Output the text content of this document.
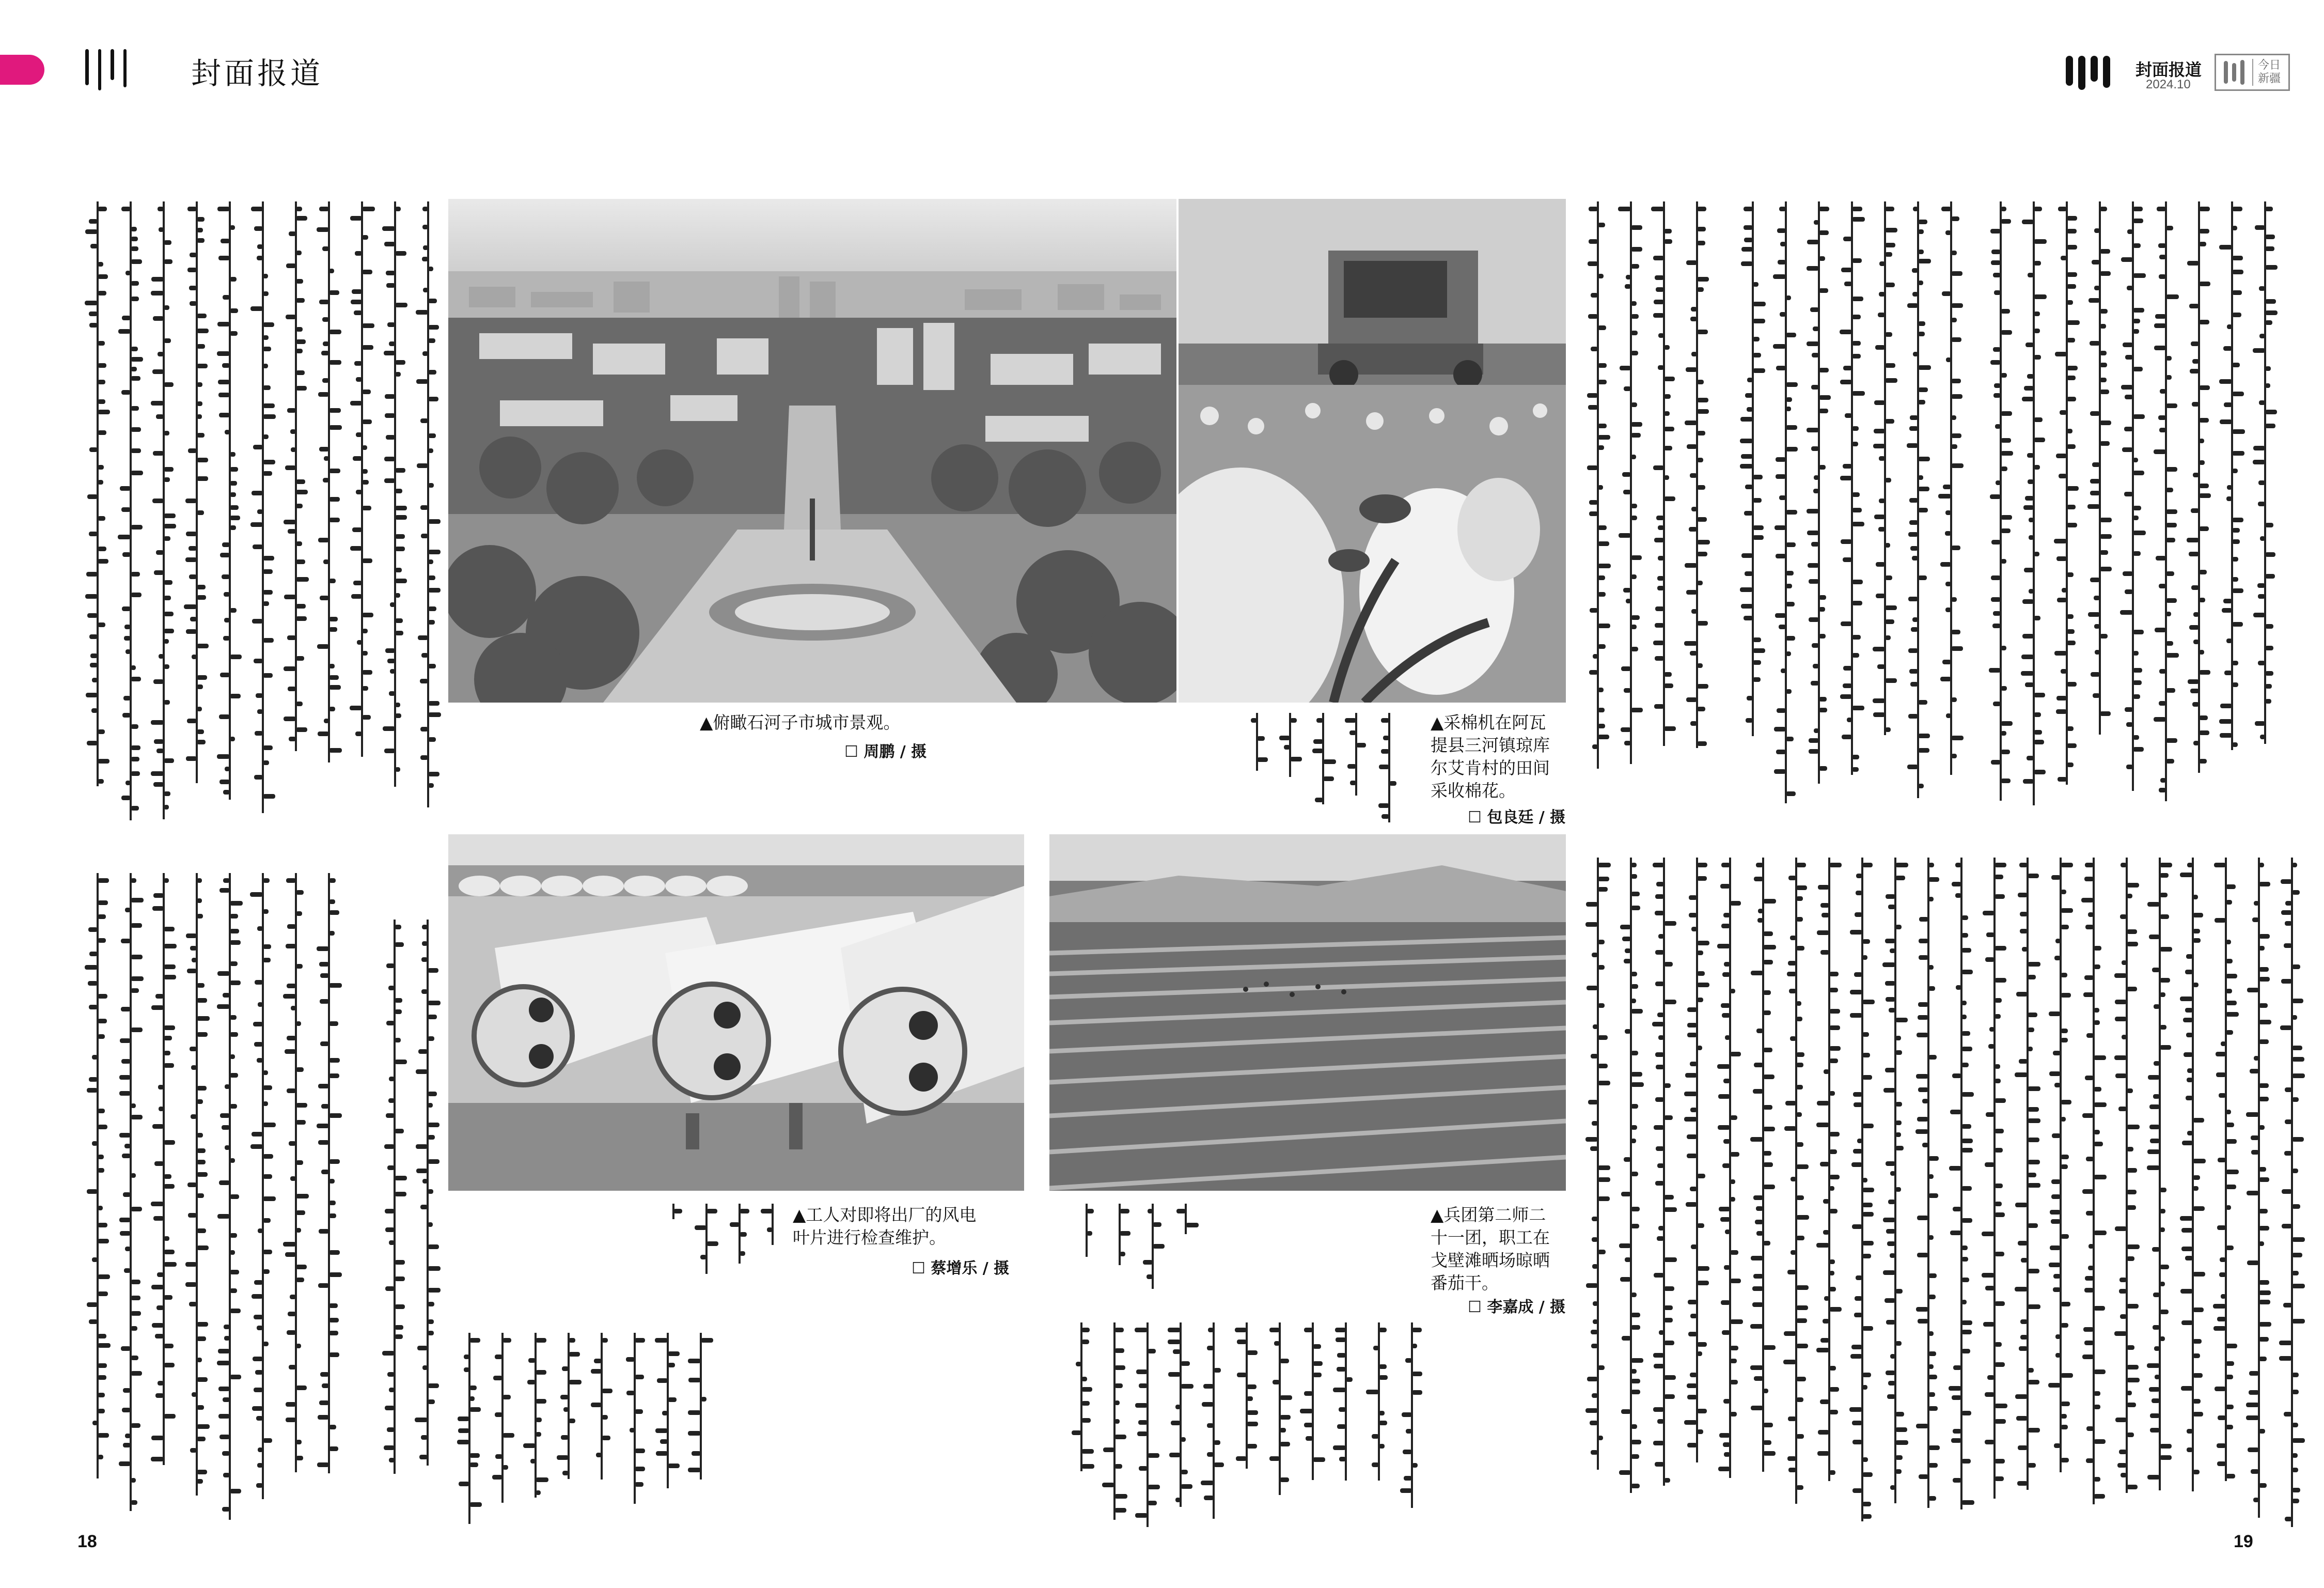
封面报道	封面报道
2024.10
今日新疆
▲俯瞰石河子市城市景观。
☐ 周鹏 / 摄
▲采棉机在阿瓦
提县三河镇琼库
尔艾肯村的田间
采收棉花。
☐ 包良廷 / 摄
▲工人对即将出厂的风电
叶片进行检查维护。
☐ 蔡增乐 / 摄
▲兵团第二师二
十一团，职工在
戈壁滩晒场晾晒
番茄干。
☐ 李嘉成 / 摄
18	19
